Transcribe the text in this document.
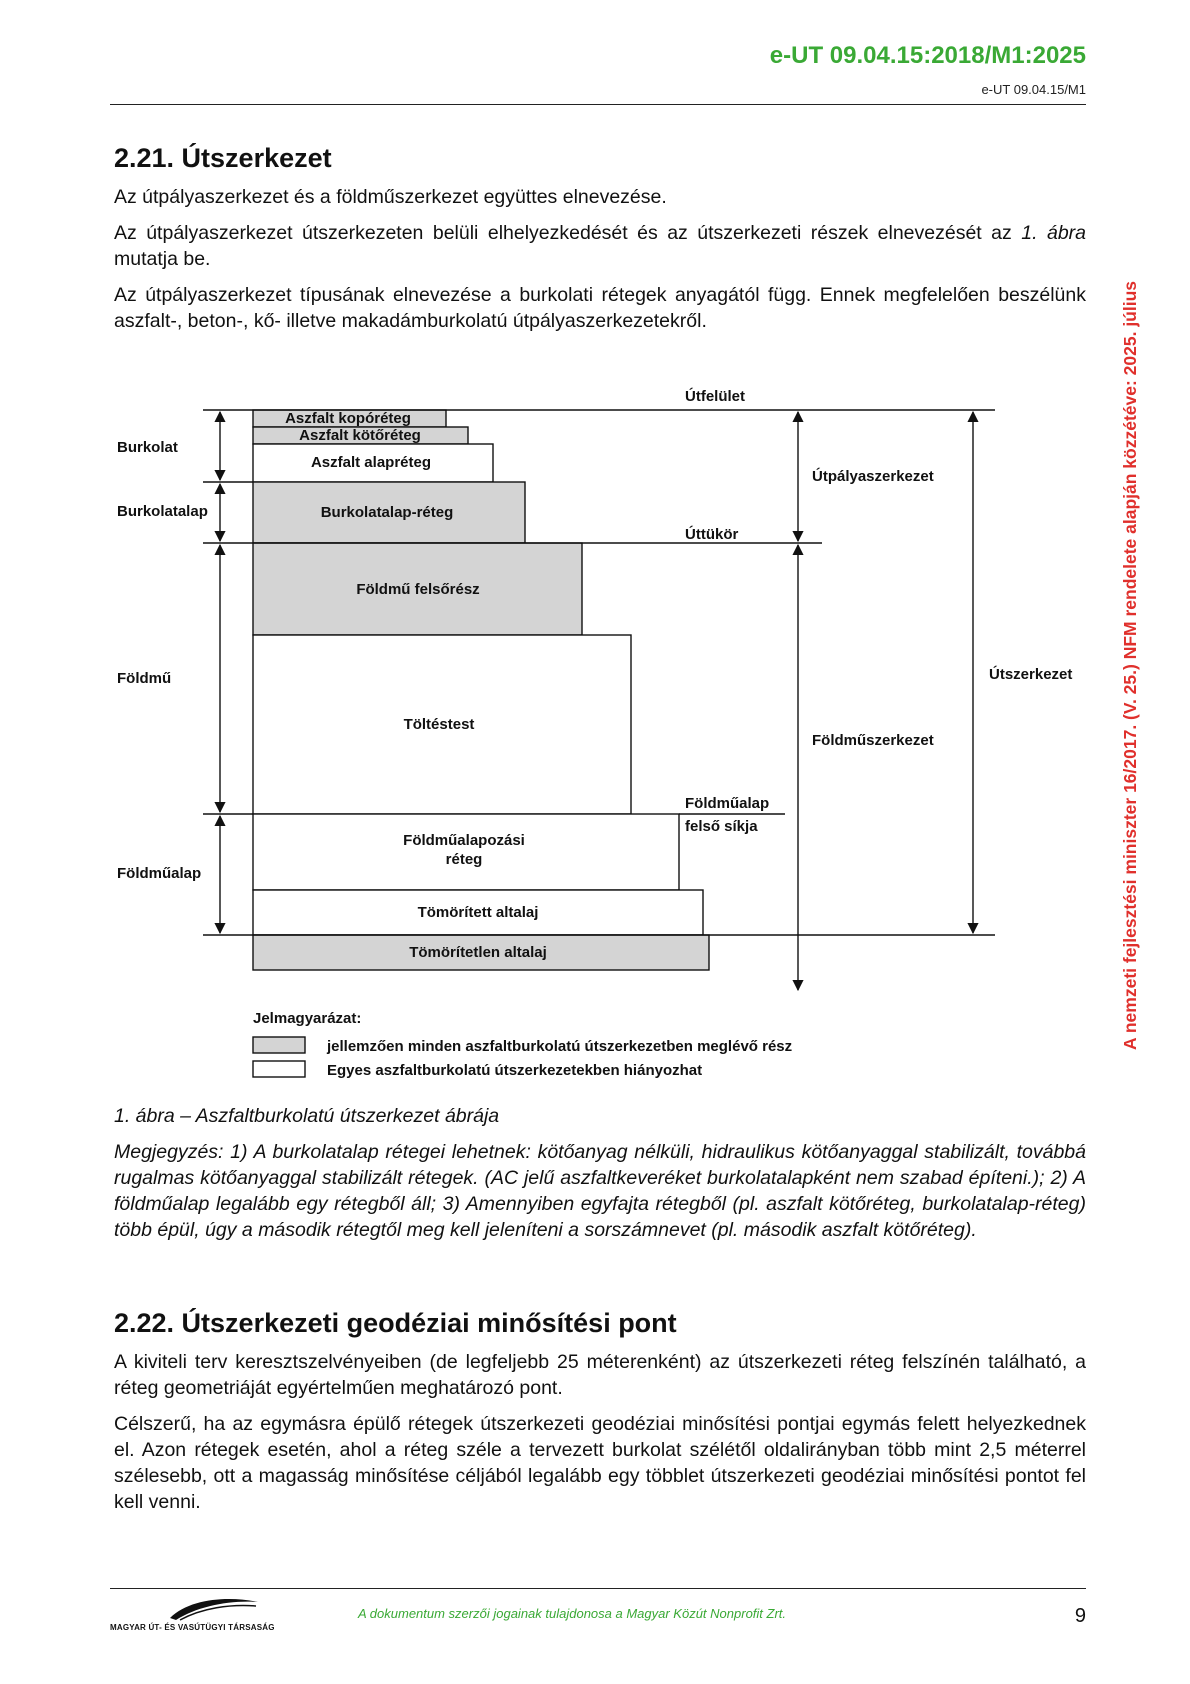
e-UT 09.04.15:2018/M1:2025
e-UT 09.04.15/M1
A nemzeti fejlesztési miniszter 16/2017. (V. 25.) NFM rendelete alapján közzétéve: 2025. július
2.21. Útszerkezet

Az útpályaszerkezet és a földműszerkezet együttes elnevezése.

Az útpályaszerkezet útszerkezeten belüli elhelyezkedését és az útszerkezeti részek elnevezését az 1. ábra mutatja be.

Az útpályaszerkezet típusának elnevezése a burkolati rétegek anyagától függ. Ennek megfelelően beszélünk aszfalt-, beton-, kő- illetve makadámburkolatú útpályaszerkezetekről.

Burkolat
Burkolatalap
Földmű
Földműalap
Aszfalt kopóréteg
Aszfalt kötőréteg
Aszfalt alapréteg
Burkolatalap-réteg
Földmű felsőrész
Töltéstest
Földműalapozási
réteg
Tömörített altalaj
Tömörítetlen altalaj
Útfelület
Úttükör
Földműalap
felső síkja
Útpályaszerkezet
Földműszerkezet
Útszerkezet
Jelmagyarázat:
jellemzően minden aszfaltburkolatú útszerkezetben meglévő rész
Egyes aszfaltburkolatú útszerkezetekben hiányozhat

1. ábra – Aszfaltburkolatú útszerkezet ábrája

Megjegyzés: 1) A burkolatalap rétegei lehetnek: kötőanyag nélküli, hidraulikus kötőanyaggal stabilizált, továbbá rugalmas kötőanyaggal stabilizált rétegek. (AC jelű aszfaltkeveréket burkolatalapként nem szabad építeni.); 2) A földműalap legalább egy rétegből áll; 3) Amennyiben egyfajta rétegből (pl. aszfalt kötőréteg, burkolatalap-réteg) több épül, úgy a második rétegtől meg kell jeleníteni a sorszámnevet (pl. második aszfalt kötőréteg).

2.22. Útszerkezeti geodéziai minősítési pont

A kiviteli terv keresztszelvényeiben (de legfeljebb 25 méterenként) az útszerkezeti réteg felszínén található, a réteg geometriáját egyértelműen meghatározó pont.

Célszerű, ha az egymásra épülő rétegek útszerkezeti geodéziai minősítési pontjai egymás felett helyezkednek el. Azon rétegek esetén, ahol a réteg széle a tervezett burkolat szélétől oldalirányban több mint 2,5 méterrel szélesebb, ott a magasság minősítése céljából legalább egy többlet útszerkezeti geodéziai minősítési pontot fel kell venni.

MAGYAR ÚT- ÉS VASÚTÜGYI TÁRSASÁG
A dokumentum szerzői jogainak tulajdonosa a Magyar Közút Nonprofit Zrt.	9
